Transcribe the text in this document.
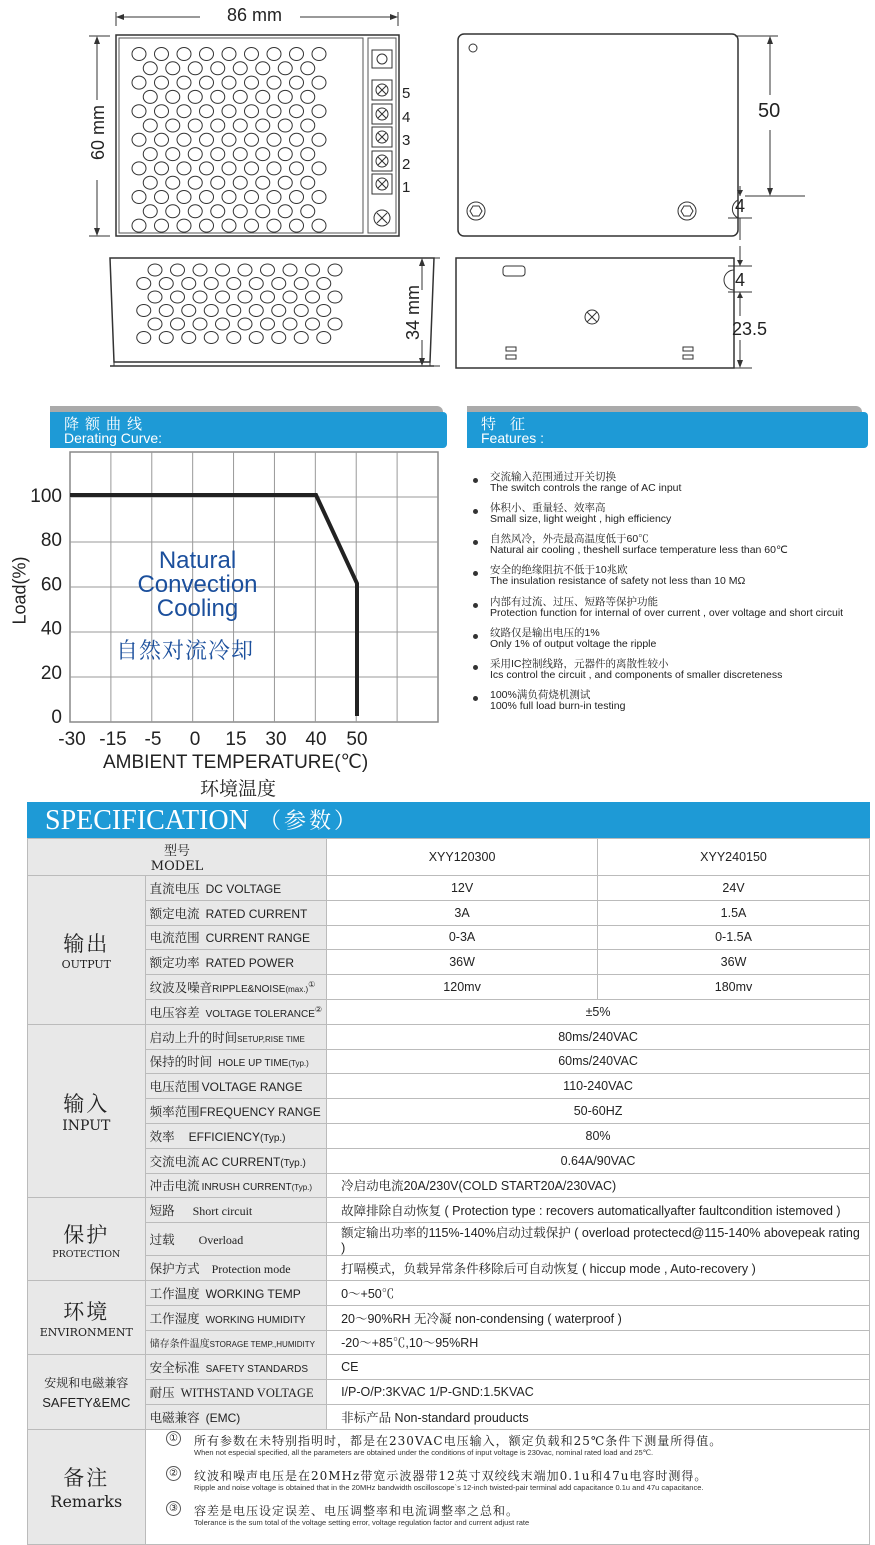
86 mm
60 mm
34 mm
50
4
4
23.5
5
4
3
2
1
降额曲线
Derating Curve:
特征
Features :
100
80
60
40
20
0
-30 -15 -5 0 15 30 40 50
Load(%)
AMBIENT TEMPERATURE(℃)
环境温度
Natural
Convection
Cooling
自然对流冷却
交流输入范围通过开关切换
The switch controls the range of AC input
体积小、重量轻、效率高
Small size, light weight , high efficiency
自然风冷，外壳最高温度低于60℃
Natural air cooling , theshell surface temperature less than 60℃
安全的绝缘阻抗不低于10兆欧
The insulation resistance of safety not less than 10 MΩ
内部有过流、过压、短路等保护功能
Protection function for internal of over current , over voltage and short circuit
纹路仅是输出电压的1%
Only 1% of output voltage the ripple
采用IC控制线路，元器件的离散性较小
Ics control the circuit , and components of smaller discreteness
100%满负荷烧机测试
100% full load burn-in testing
SPECIFICATION （参数）
型号
MODEL		XYY120300	XYY240150

输出
OUTPUT	直流电压 DC VOLTAGE	12V	24V
	额定电流 RATED CURRENT	3A	1.5A
	电流范围 CURRENT RANGE	0-3A	0-1.5A
	额定功率 RATED POWER	36W	36W
	纹波及噪音RIPPLE&NOISE(max.)①	120mv	180mv
	电压容差 VOLTAGE TOLERANCE②	±5%	

输入
INPUT	启动上升的时间SETUP,RISE TIME	80ms/240VAC	
	保持的时间 HOLE UP TIME(Typ.)	60ms/240VAC	
	电压范围 VOLTAGE RANGE	110-240VAC	
	频率范围FREQUENCY RANGE	50-60HZ	
	效率 EFFICIENCY(Typ.)	80%	
	交流电流 AC CURRENT(Typ.)	0.64A/90VAC	
	冲击电流 INRUSH CURRENT(Typ.)	冷启动电流20A/230V(COLD START20A/230VAC)	

保护
PROTECTION	短路 Short circuit	故障排除自动恢复 ( Protection type : recovers automaticallyafter faultcondition istemoved )	
	过载 Overload	额定输出功率的115%-140%启动过载保护 ( overload protectecd@115-140% abovepeak rating )	
	保护方式 Protection mode	打嗝模式，负载异常条件移除后可自动恢复 ( hiccup mode , Auto-recovery )	

环境
ENVIRONMENT	工作温度 WORKING TEMP	0～+50℃	
	工作湿度 WORKING HUMIDITY	20～90%RH 无冷凝 non-condensing ( waterproof )	
	储存条件温度STORAGE TEMP.,HUMIDITY	-20～+85℃,10～95%RH	

安规和电磁兼容
SAFETY&EMC	安全标准 SAFETY STANDARDS	CE	
	耐压 WITHSTAND VOLTAGE	I/P-O/P:3KVAC 1/P-GND:1.5KVAC	
	电磁兼容 (EMC)	非标产品 Non-standard prouducts	

备注
Remarks			

① 所有参数在未特别指明时，都是在230VAC电压输入，额定负载和25℃条件下测量所得值。
When not especial specified, all the parameters are obtained under the conditions of input voltage is 230vac, nominal rated load and 25℃.
② 纹波和噪声电压是在20MHz带宽示波器带12英寸双绞线末端加0.1u和47u电容时测得。
Ripple and noise voltage is obtained that in the 20MHz bandwidth oscilloscope`s 12-inch twisted-pair terminal add capacitance 0.1u and 47u capacitance.
③ 容差是电压设定误差、电压调整率和电流调整率之总和。
Tolerance is the sum total of the voltage setting error, voltage regulation factor and current adjust rate
